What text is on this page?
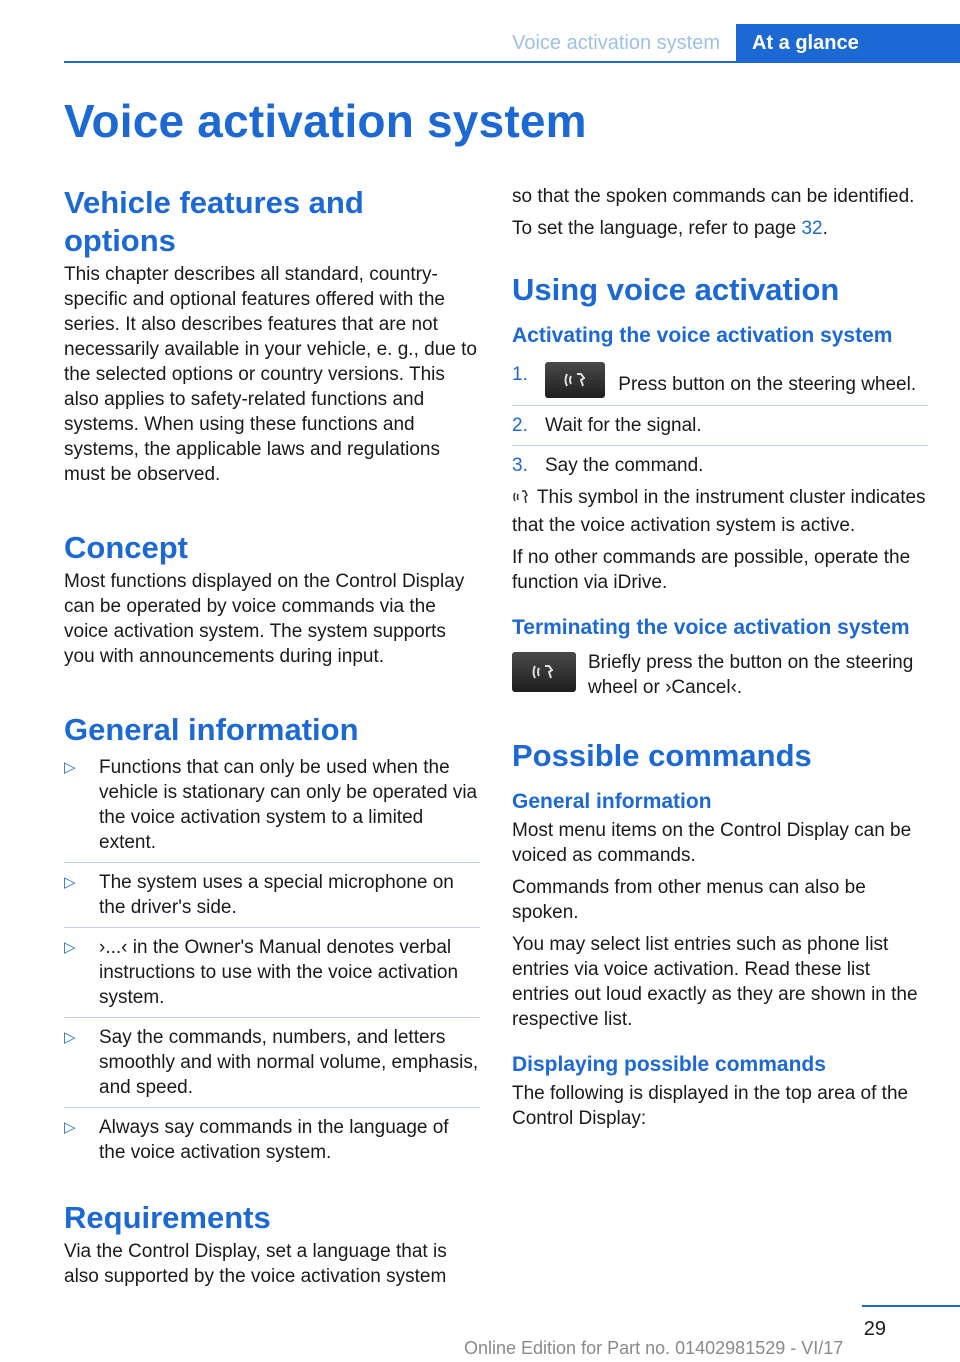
Voice activation system	At a glance
Voice activation system
Vehicle features and options

This chapter describes all standard, country-specific and optional features offered with the series. It also describes features that are not necessarily available in your vehicle, e. g., due to the selected options or country versions. This also applies to safety-related functions and systems. When using these functions and systems, the applicable laws and regulations must be observed.

Concept

Most functions displayed on the Control Display can be operated by voice commands via the voice activation system. The system supports you with announcements during input.

General information
▷ Functions that can only be used when the vehicle is stationary can only be operated via the voice activation system to a limited extent.
▷ The system uses a special microphone on the driver's side.
▷ ›...‹ in the Owner's Manual denotes verbal instructions to use with the voice activation system.
▷ Say the commands, numbers, and letters smoothly and with normal volume, emphasis, and speed.
▷ Always say commands in the language of the voice activation system.
Requirements

Via the Control Display, set a language that is also supported by the voice activation system

so that the spoken commands can be identified.

To set the language, refer to page 32.

Using voice activation
Activating the voice activation system
1.	Press button on the steering wheel.
2. Wait for the signal.
3. Say the command.

This symbol in the instrument cluster indicates that the voice activation system is active.

If no other commands are possible, operate the function via iDrive.

Terminating the voice activation system

Briefly press the button on the steering wheel or ›Cancel‹.

Possible commands
General information

Most menu items on the Control Display can be voiced as commands.

Commands from other menus can also be spoken.

You may select list entries such as phone list entries via voice activation. Read these list entries out loud exactly as they are shown in the respective list.

Displaying possible commands

The following is displayed in the top area of the Control Display:

29
Online Edition for Part no. 01402981529 - VI/17
